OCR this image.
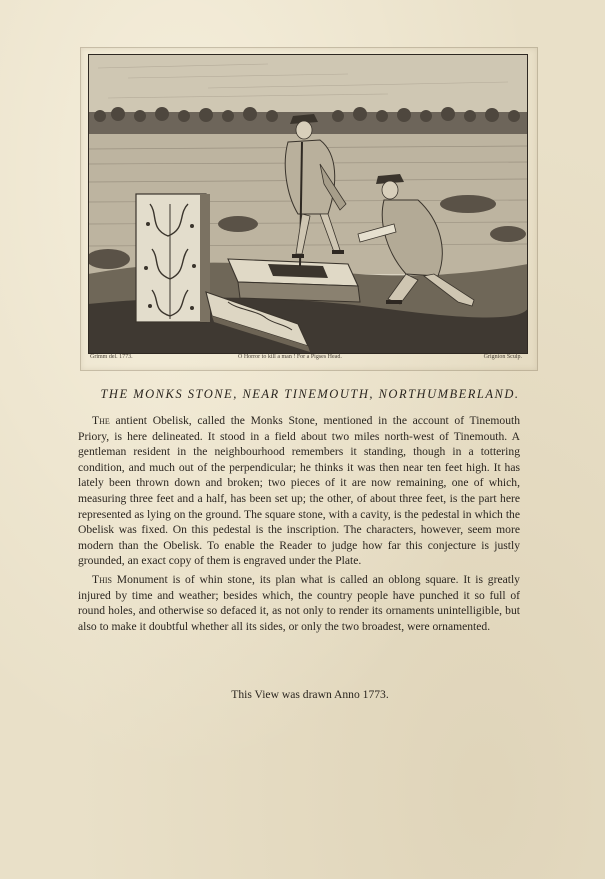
Grimm del. 1773.	O Horror to kill a man ! For a Pigses Head.	Grignion Sculp.
THE MONKS STONE, NEAR TINEMOUTH, NORTHUMBERLAND.

The antient Obelisk, called the Monks Stone, mentioned in the account of Tinemouth Priory, is here delineated. It stood in a field about two miles north-west of Tinemouth. A gentleman resident in the neighbourhood remembers it standing, though in a tottering condition, and much out of the perpendicular; he thinks it was then near ten feet high. It has lately been thrown down and broken; two pieces of it are now remaining, one of which, measuring three feet and a half, has been set up; the other, of about three feet, is the part here represented as lying on the ground. The square stone, with a cavity, is the pedestal in which the Obelisk was fixed. On this pedestal is the inscription. The characters, however, seem more modern than the Obelisk. To enable the Reader to judge how far this conjecture is justly grounded, an exact copy of them is engraved under the Plate.

This Monument is of whin stone, its plan what is called an oblong square. It is greatly injured by time and weather; besides which, the country people have punched it so full of round holes, and otherwise so defaced it, as not only to render its ornaments unintelligible, but also to make it doubtful whether all its sides, or only the two broadest, were ornamented.

This View was drawn Anno 1773.
